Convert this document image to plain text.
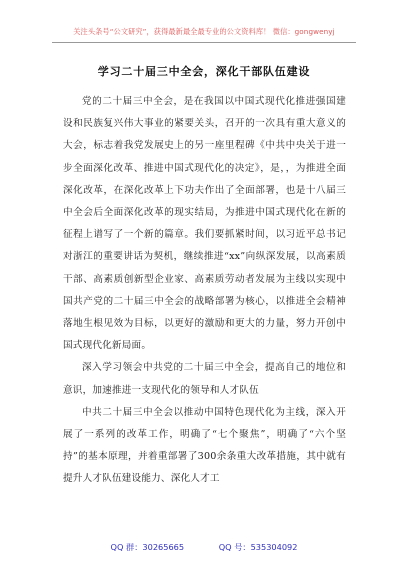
关注头条号“公文研究”，获得最新最全最专业的公文资料库！ 微信：gongwenyj
学习二十届三中全会，深化干部队伍建设

党的二十届三中全会，是在我国以中国式现代化推进强国建设和民族复兴伟大事业的紧要关头，召开的一次具有重大意义的大会，标志着我党发展史上的另一座里程碑《中共中央关于进一步全面深化改革、推进中国式现代化的决定》，是，，为推进全面深化改革，在深化改革上下功夫作出了全面部署，也是十八届三中全会后全面深化改革的现实结局，为推进中国式现代化在新的征程上谱写了一个新的篇章。我们要抓紧时间，以习近平总书记对浙江的重要讲话为契机，继续推进“xx”向纵深发展，以高素质干部、高素质创新型企业家、高素质劳动者发展为主线以实现中国共产党的二十届三中全会的战略部署为核心，以推进全会精神落地生根见效为目标，以更好的激励和更大的力量，努力开创中国式现代化新局面。

深入学习领会中共党的二十届三中全会，提高自己的地位和意识，加速推进一支现代化的领导和人才队伍

中共二十届三中全会以推动中国特色现代化为主线，深入开展了一系列的改革工作，明确了“七个聚焦”，明确了“六个坚持”的基本原理，并着重部署了300余条重大改革措施，其中就有提升人才队伍建设能力、深化人才工

QQ 群：30265665	QQ 号：535304092
